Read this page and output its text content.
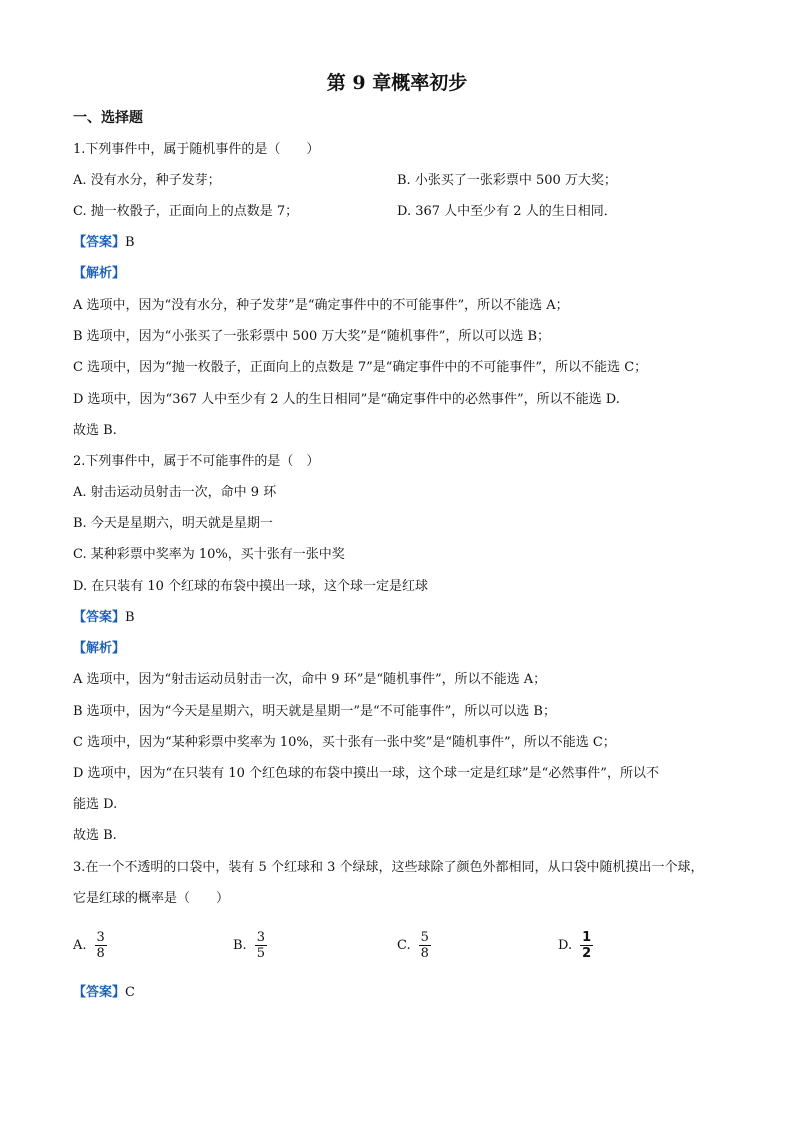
第 9 章概率初步
一、选择题
1.下列事件中，属于随机事件的是（　　）
A. 没有水分，种子发芽；	B. 小张买了一张彩票中 500 万大奖；
C. 抛一枚骰子，正面向上的点数是 7；	D. 367 人中至少有 2 人的生日相同．
【答案】B
【解析】
A 选项中，因为“没有水分，种子发芽”是“确定事件中的不可能事件”，所以不能选 A；
B 选项中，因为“小张买了一张彩票中 500 万大奖”是“随机事件”，所以可以选 B；
C 选项中，因为“抛一枚骰子，正面向上的点数是 7”是“确定事件中的不可能事件”，所以不能选 C；
D 选项中，因为“367 人中至少有 2 人的生日相同”是“确定事件中的必然事件”，所以不能选 D.
故选 B.
2.下列事件中，属于不可能事件的是（　）
A. 射击运动员射击一次，命中 9 环
B. 今天是星期六，明天就是星期一
C. 某种彩票中奖率为 10%，买十张有一张中奖
D. 在只装有 10 个红球的布袋中摸出一球，这个球一定是红球
【答案】B
【解析】
A 选项中，因为“射击运动员射击一次，命中 9 环”是“随机事件”，所以不能选 A；
B 选项中，因为“今天是星期六，明天就是星期一”是“不可能事件”，所以可以选 B；
C 选项中，因为“某种彩票中奖率为 10%，买十张有一张中奖”是“随机事件”，所以不能选 C；
D 选项中，因为“在只装有 10 个红色球的布袋中摸出一球，这个球一定是红球”是“必然事件”，所以不
能选 D.
故选 B.
3.在一个不透明的口袋中，装有 5 个红球和 3 个绿球，这些球除了颜色外都相同，从口袋中随机摸出一个球，
它是红球的概率是（　　）
A. $\frac{3}{8}$	B. $\frac{3}{5}$	C. $\frac{5}{8}$	D. $\frac{1}{2}$
【答案】C
